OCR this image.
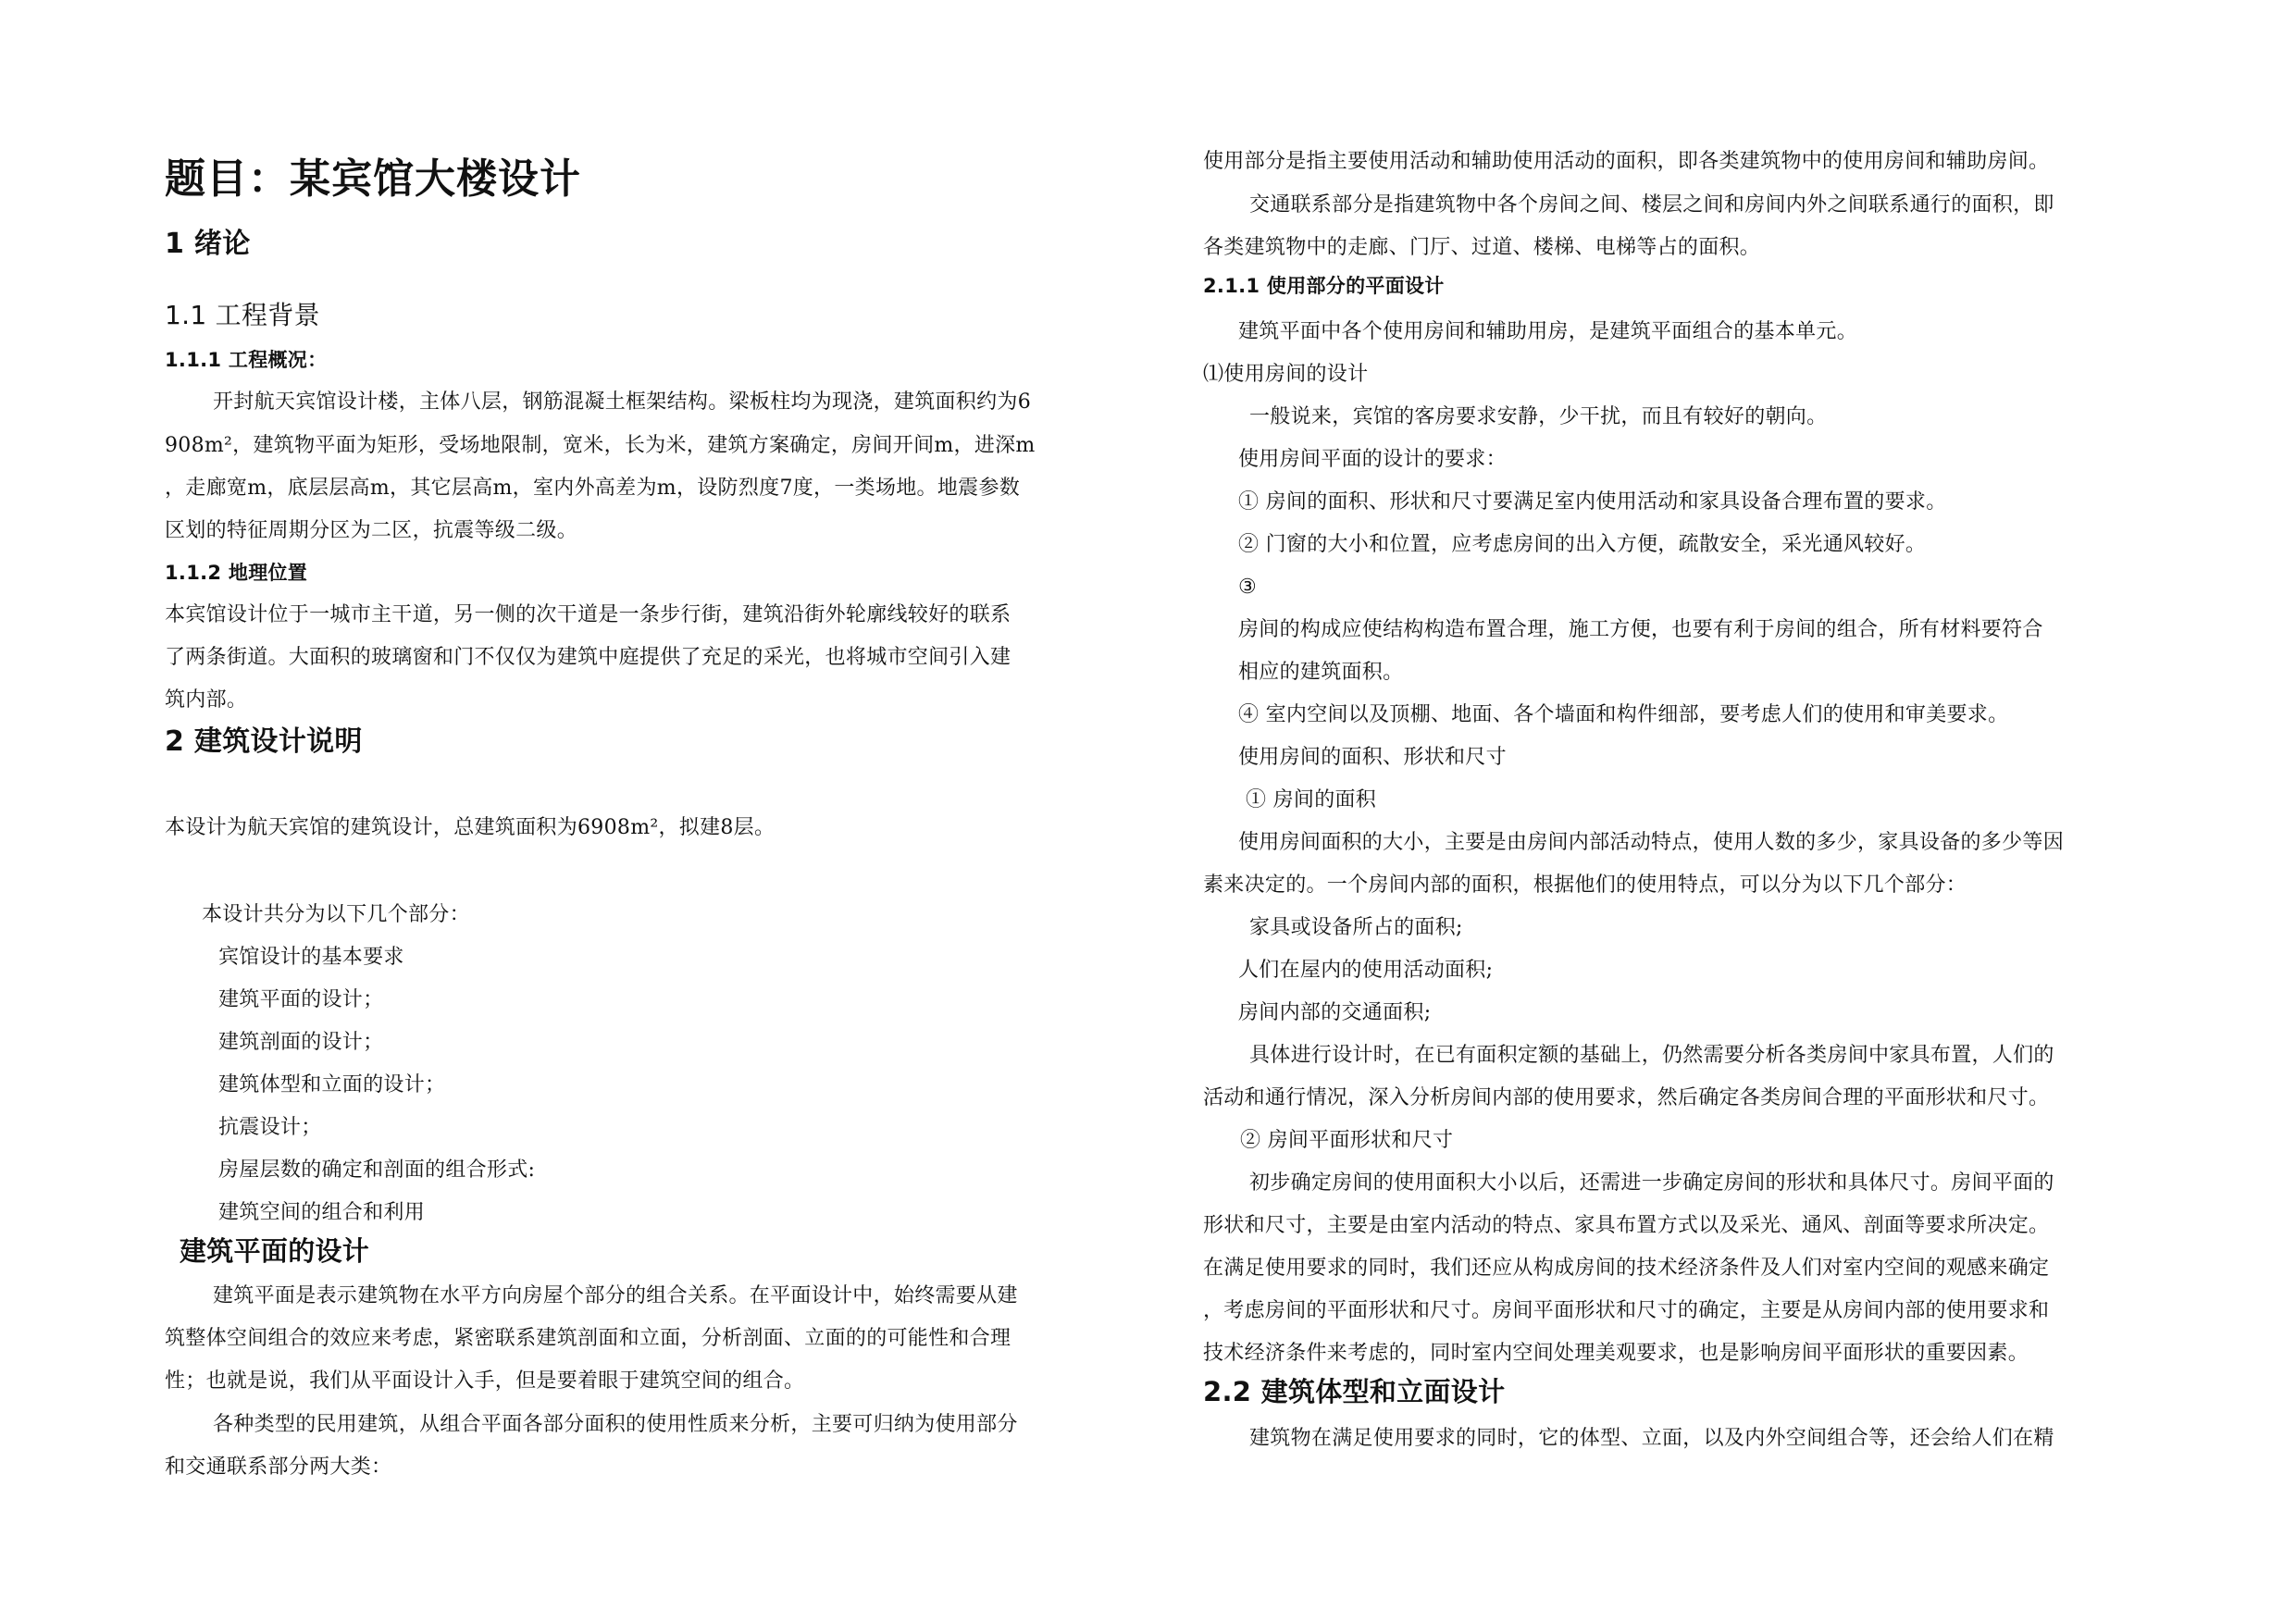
题目：某宾馆大楼设计
1 绪论
1.1 工程背景
1.1.1 工程概况：
开封航天宾馆设计楼，主体八层，钢筋混凝土框架结构。梁板柱均为现浇，建筑面积约为6
908m²，建筑物平面为矩形，受场地限制，宽米，长为米，建筑方案确定，房间开间m，进深m
，走廊宽m，底层层高m，其它层高m，室内外高差为m，设防烈度7度，一类场地。地震参数
区划的特征周期分区为二区，抗震等级二级。
1.1.2 地理位置
本宾馆设计位于一城市主干道，另一侧的次干道是一条步行街，建筑沿街外轮廓线较好的联系
了两条街道。大面积的玻璃窗和门不仅仅为建筑中庭提供了充足的采光，也将城市空间引入建
筑内部。
2 建筑设计说明
本设计为航天宾馆的建筑设计，总建筑面积为6908m²，拟建8层。
本设计共分为以下几个部分：
宾馆设计的基本要求
建筑平面的设计；
建筑剖面的设计；
建筑体型和立面的设计；
抗震设计；
房屋层数的确定和剖面的组合形式:
建筑空间的组合和利用
建筑平面的设计
建筑平面是表示建筑物在水平方向房屋个部分的组合关系。在平面设计中，始终需要从建
筑整体空间组合的效应来考虑，紧密联系建筑剖面和立面，分析剖面、立面的的可能性和合理
性；也就是说，我们从平面设计入手，但是要着眼于建筑空间的组合。
各种类型的民用建筑，从组合平面各部分面积的使用性质来分析，主要可归纳为使用部分
和交通联系部分两大类：
使用部分是指主要使用活动和辅助使用活动的面积，即各类建筑物中的使用房间和辅助房间。
交通联系部分是指建筑物中各个房间之间、楼层之间和房间内外之间联系通行的面积，即
各类建筑物中的走廊、门厅、过道、楼梯、电梯等占的面积。
2.1.1 使用部分的平面设计
建筑平面中各个使用房间和辅助用房，是建筑平面组合的基本单元。
⑴使用房间的设计
一般说来，宾馆的客房要求安静，少干扰，而且有较好的朝向。
使用房间平面的设计的要求：
① 房间的面积、形状和尺寸要满足室内使用活动和家具设备合理布置的要求。
② 门窗的大小和位置，应考虑房间的出入方便，疏散安全，采光通风较好。
③
房间的构成应使结构构造布置合理，施工方便，也要有利于房间的组合，所有材料要符合
相应的建筑面积。
④ 室内空间以及顶棚、地面、各个墙面和构件细部，要考虑人们的使用和审美要求。
使用房间的面积、形状和尺寸
① 房间的面积
使用房间面积的大小，主要是由房间内部活动特点，使用人数的多少，家具设备的多少等因
素来决定的。一个房间内部的面积，根据他们的使用特点，可以分为以下几个部分：
家具或设备所占的面积;
人们在屋内的使用活动面积;
房间内部的交通面积;
具体进行设计时，在已有面积定额的基础上，仍然需要分析各类房间中家具布置，人们的
活动和通行情况，深入分析房间内部的使用要求，然后确定各类房间合理的平面形状和尺寸。
② 房间平面形状和尺寸
初步确定房间的使用面积大小以后，还需进一步确定房间的形状和具体尺寸。房间平面的
形状和尺寸，主要是由室内活动的特点、家具布置方式以及采光、通风、剖面等要求所决定。
在满足使用要求的同时，我们还应从构成房间的技术经济条件及人们对室内空间的观感来确定
，考虑房间的平面形状和尺寸。房间平面形状和尺寸的确定，主要是从房间内部的使用要求和
技术经济条件来考虑的，同时室内空间处理美观要求，也是影响房间平面形状的重要因素。
2.2 建筑体型和立面设计
建筑物在满足使用要求的同时，它的体型、立面，以及内外空间组合等，还会给人们在精
